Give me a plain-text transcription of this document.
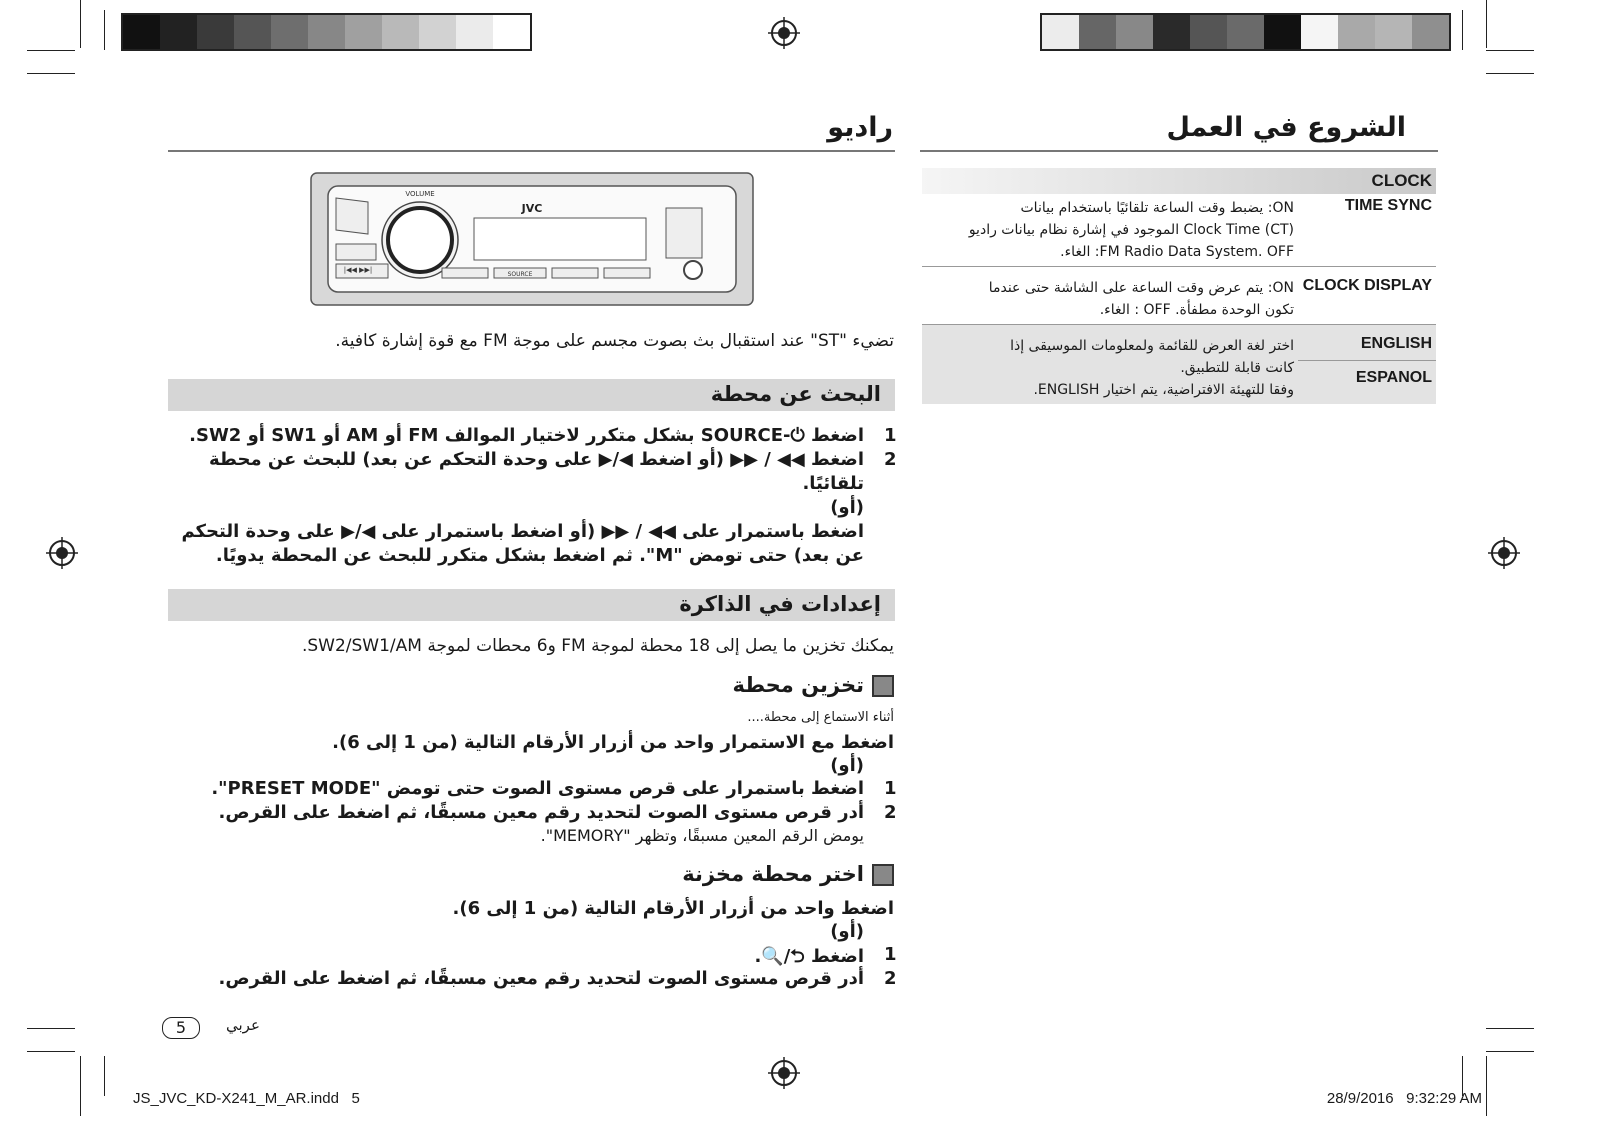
الشروع في العمل
	CLOCK

ON: يضبط وقت الساعة تلقائيًا باستخدام بيانات
(Clock Time (CT الموجود في إشارة نظام بيانات راديو
FM Radio Data System. OFF: الغاء.	TIME SYNC

ON: يتم عرض وقت الساعة على الشاشة حتى عندما
تكون الوحدة مطفأة. OFF : الغاء.	CLOCK DISPLAY

اختر لغة العرض للقائمة ولمعلومات الموسيقى إذا
كانت قابلة للتطبيق.
وفقا للتهيئة الافتراضية، يتم اختيار ENGLISH.	ENGLISH
	ESPANOL
راديو
VOLUME
JVC
SOURCE
|◀◀ ▶▶|
تضيء "ST" عند استقبال بث بصوت مجسم على موجة FM مع قوة إشارة كافية.
البحث عن محطة
1
اضغط ⏻-SOURCE بشكل متكرر لاختيار الموالف FM أو AM أو SW1 أو SW2.
2
اضغط ◀◀ / ▶▶ (أو اضغط ◀/▶ على وحدة التحكم عن بعد) للبحث عن محطة
تلقائيًا.
(أو)
اضغط باستمرار على ◀◀ / ▶▶ (أو اضغط باستمرار على ◀/▶ على وحدة التحكم
عن بعد) حتى تومض "M". ثم اضغط بشكل متكرر للبحث عن المحطة يدويًا.
إعدادات في الذاكرة
يمكنك تخزين ما يصل إلى 18 محطة لموجة FM و6 محطات لموجة SW2/SW1/AM.
تخزين محطة
أثناء الاستماع إلى محطة....
اضغط مع الاستمرار واحد من أزرار الأرقام التالية (من 1 إلى 6).
(أو)
1
اضغط باستمرار على قرص مستوى الصوت حتى تومض "PRESET MODE".
2
أدر قرص مستوى الصوت لتحديد رقم معين مسبقًا، ثم اضغط على القرص.
يومض الرقم المعين مسبقًا، وتظهر "MEMORY".
اختر محطة مخزنة
اضغط واحد من أزرار الأرقام التالية (من 1 إلى 6).
(أو)
1
اضغط ⮌/🔍.
2
أدر قرص مستوى الصوت لتحديد رقم معين مسبقًا، ثم اضغط على القرص.
5	عربي
JS_JVC_KD-X241_M_AR.indd   5	28/9/2016   9:32:29 AM
